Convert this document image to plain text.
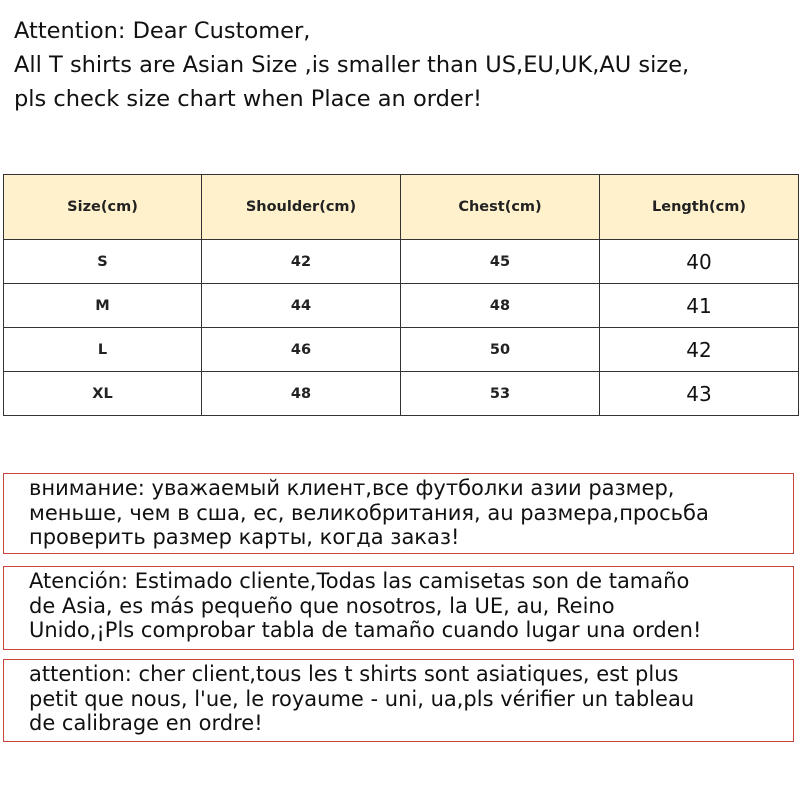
Attention: Dear Customer,
All T shirts are Asian Size ,is smaller than US,EU,UK,AU size,
pls check size chart when Place an order!
Size(cm)	Shoulder(cm)	Chest(cm)	Length(cm)
S	42	45	40
M	44	48	41
L	46	50	42
XL	48	53	43
внимание: уважаемый клиент,все футболки азии размер,
меньше, чем в сша, ес, великобритания, au размера,просьба
проверить размер карты, когда заказ!
Atención: Estimado cliente,Todas las camisetas son de tamaño
de Asia, es más pequeño que nosotros, la UE, au, Reino
Unido,¡Pls comprobar tabla de tamaño cuando lugar una orden!
attention: cher client,tous les t shirts sont asiatiques, est plus
petit que nous, l'ue, le royaume - uni, ua,pls vérifier un tableau
de calibrage en ordre!
